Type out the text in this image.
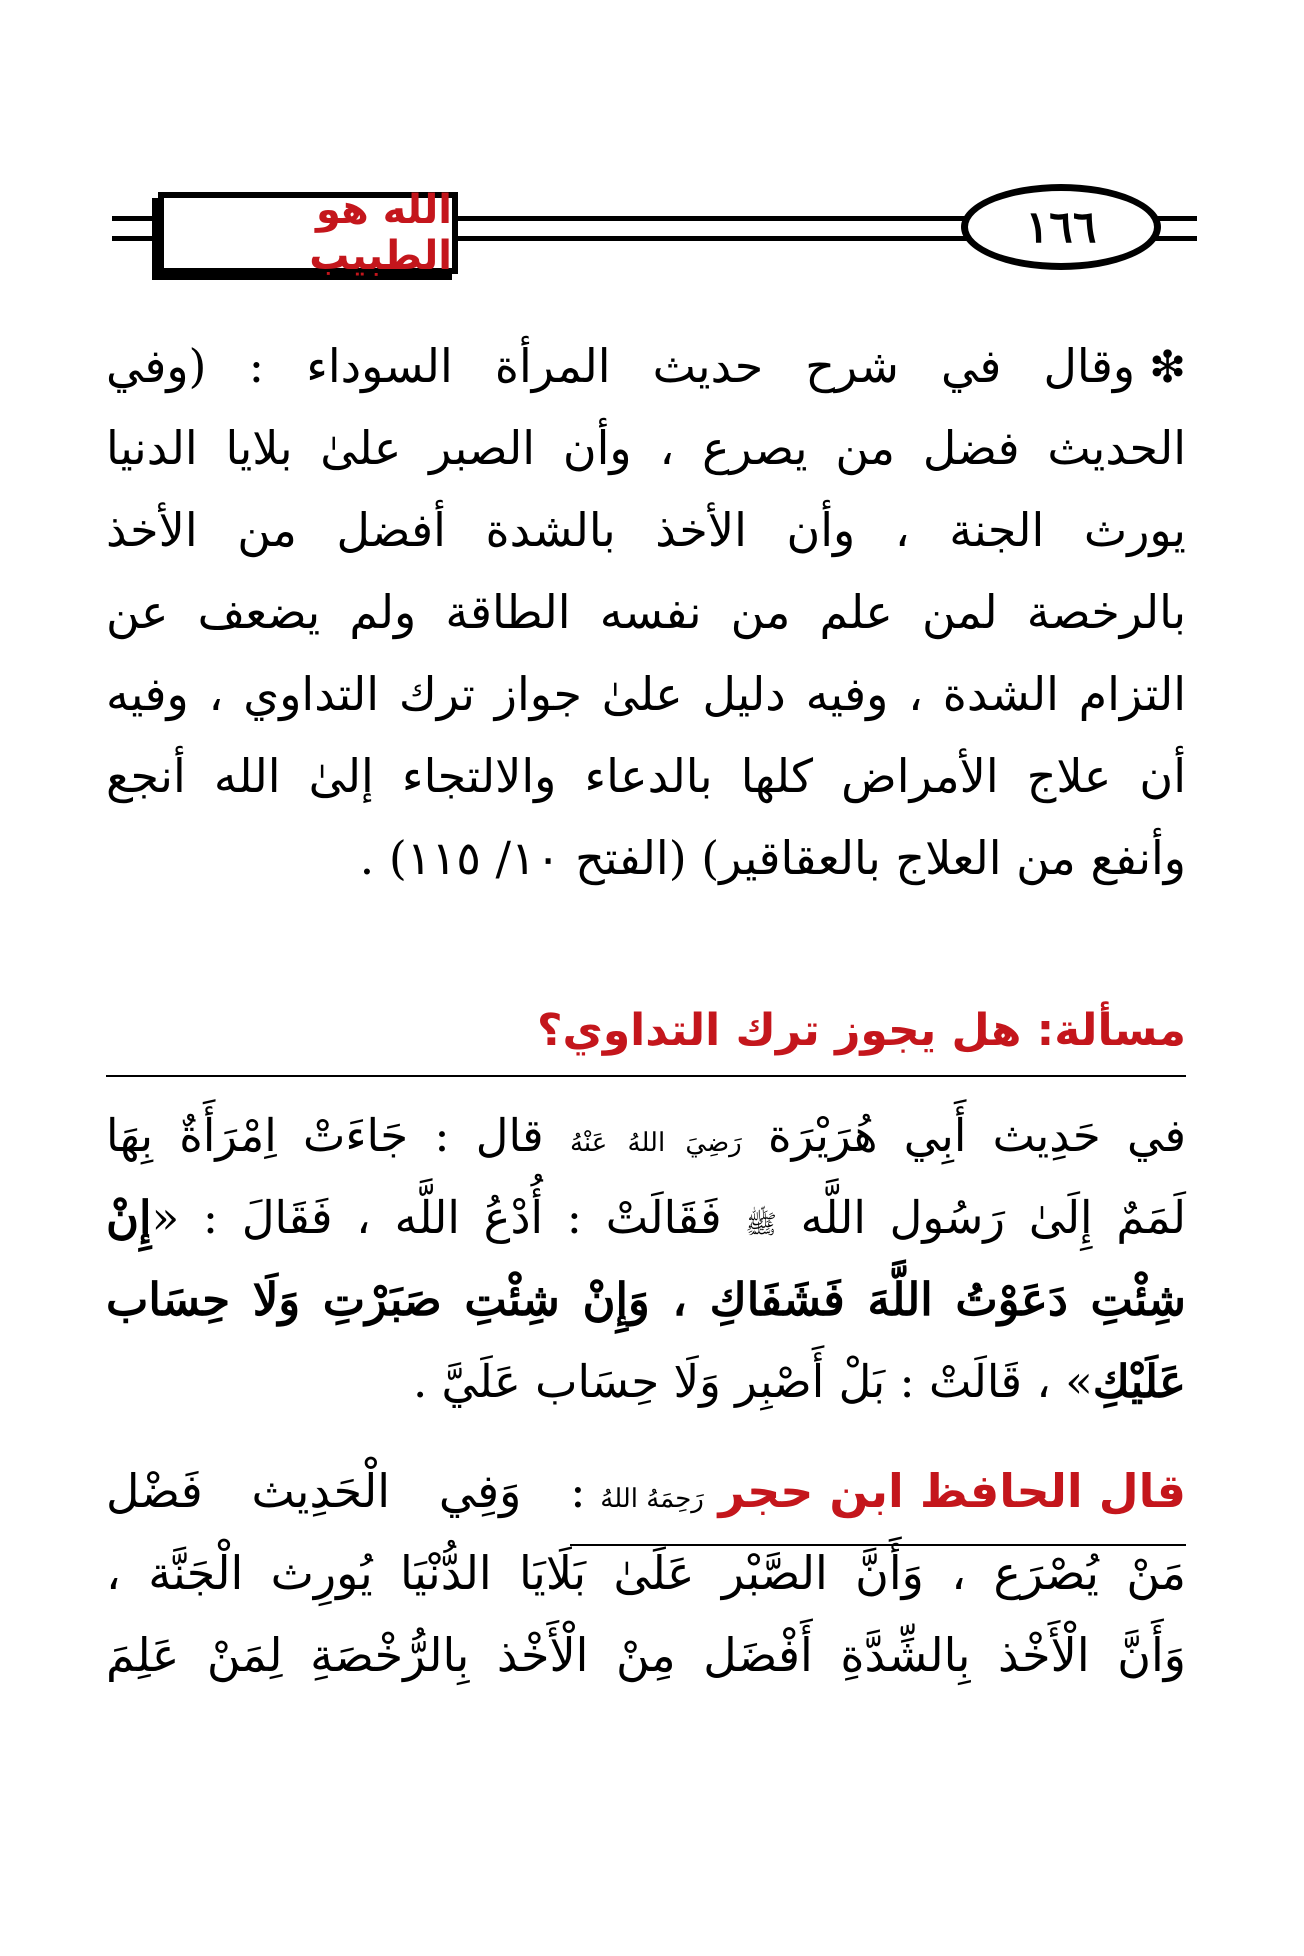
١٦٦
الله هو الطبيب
❇وقال في شرح حديث المرأة السوداء : (وفي
الحديث فضل من يصرع ، وأن الصبر علىٰ بلايا الدنيا
يورث الجنة ، وأن الأخذ بالشدة أفضل من الأخذ
بالرخصة لمن علم من نفسه الطاقة ولم يضعف عن
التزام الشدة ، وفيه دليل علىٰ جواز ترك التداوي ، وفيه
أن علاج الأمراض كلها بالدعاء والالتجاء إلىٰ الله أنجع
وأنفع من العلاج بالعقاقير) (الفتح ١٠/ ١١٥) .
مسألة: هل يجوز ترك التداوي؟
في حَدِيث أَبِي هُرَيْرَة رَضِيَ اللهُ عَنْهُ قال : جَاءَتْ اِمْرَأَةٌ بِهَا
لَمَمٌ إِلَىٰ رَسُول اللَّه ﷺ فَقَالَتْ : أُدْعُ اللَّه ، فَقَالَ : «إِنْ
شِئْتِ دَعَوْتُ اللَّهَ فَشَفَاكِ ، وَإِنْ شِئْتِ صَبَرْتِ وَلَا حِسَاب
عَلَيْكِ» ، قَالَتْ : بَلْ أَصْبِر وَلَا حِسَاب عَلَيَّ .
قال الحافظ ابن حجر رَحِمَهُ اللهُ : وَفِي الْحَدِيث فَضْل
مَنْ يُصْرَع ، وَأَنَّ الصَّبْر عَلَىٰ بَلَايَا الدُّنْيَا يُورِث الْجَنَّة ،
وَأَنَّ الْأَخْذ بِالشِّدَّةِ أَفْضَل مِنْ الْأَخْذ بِالرُّخْصَةِ لِمَنْ عَلِمَ
